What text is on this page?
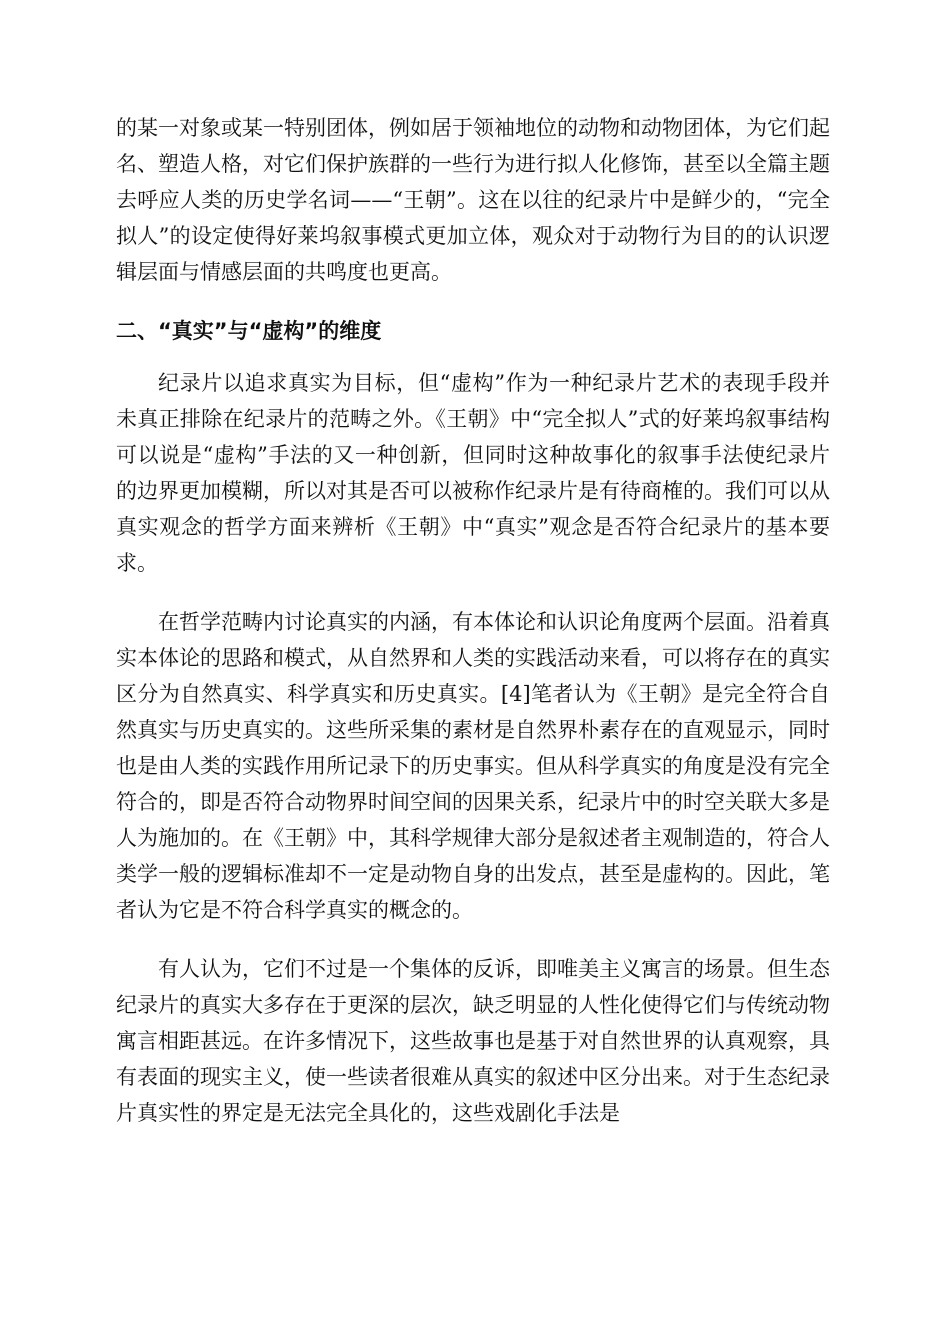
的某一对象或某一特别团体，例如居于领袖地位的动物和动物团体，为它们起名、塑造人格，对它们保护族群的一些行为进行拟人化修饰，甚至以全篇主题去呼应人类的历史学名词——“王朝”。这在以往的纪录片中是鲜少的，“完全拟人”的设定使得好莱坞叙事模式更加立体，观众对于动物行为目的的认识逻辑层面与情感层面的共鸣度也更高。

二、“真实”与“虚构”的维度

纪录片以追求真实为目标，但“虚构”作为一种纪录片艺术的表现手段并未真正排除在纪录片的范畴之外。《王朝》中“完全拟人”式的好莱坞叙事结构可以说是“虚构”手法的又一种创新，但同时这种故事化的叙事手法使纪录片的边界更加模糊，所以对其是否可以被称作纪录片是有待商榷的。我们可以从真实观念的哲学方面来辨析《王朝》中“真实”观念是否符合纪录片的基本要求。

在哲学范畴内讨论真实的内涵，有本体论和认识论角度两个层面。沿着真实本体论的思路和模式，从自然界和人类的实践活动来看，可以将存在的真实区分为自然真实、科学真实和历史真实。[4]笔者认为《王朝》是完全符合自然真实与历史真实的。这些所采集的素材是自然界朴素存在的直观显示，同时也是由人类的实践作用所记录下的历史事实。但从科学真实的角度是没有完全符合的，即是否符合动物界时间空间的因果关系，纪录片中的时空关联大多是人为施加的。在《王朝》中，其科学规律大部分是叙述者主观制造的，符合人类学一般的逻辑标准却不一定是动物自身的出发点，甚至是虚构的。因此，笔者认为它是不符合科学真实的概念的。

有人认为，它们不过是一个集体的反诉，即唯美主义寓言的场景。但生态纪录片的真实大多存在于更深的层次，缺乏明显的人性化使得它们与传统动物寓言相距甚远。在许多情况下，这些故事也是基于对自然世界的认真观察，具有表面的现实主义，使一些读者很难从真实的叙述中区分出来。对于生态纪录片真实性的界定是无法完全具化的，这些戏剧化手法是
